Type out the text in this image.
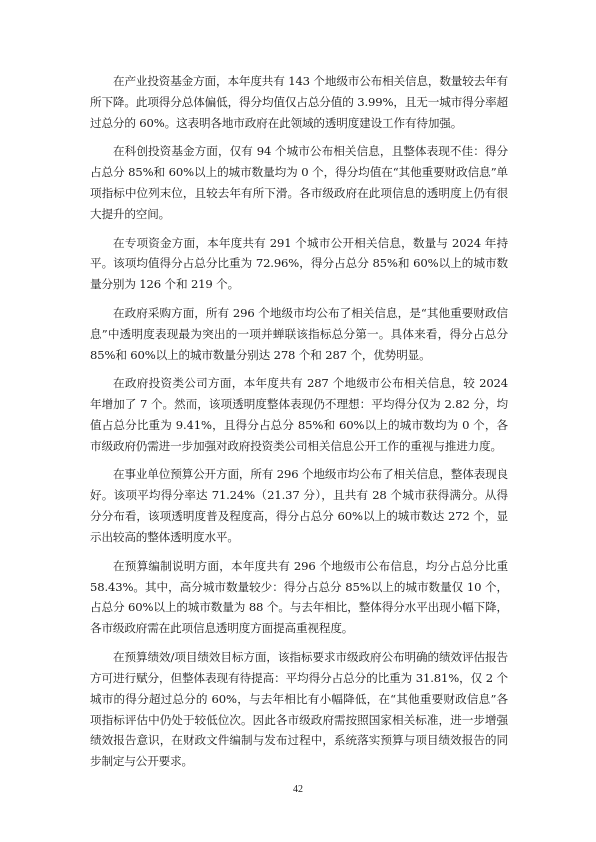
在产业投资基金方面，本年度共有 143 个地级市公布相关信息，数量较去年有所下降。此项得分总体偏低，得分均值仅占总分值的 3.99%，且无一城市得分率超过总分的 60%。这表明各地市政府在此领域的透明度建设工作有待加强。

在科创投资基金方面，仅有 94 个城市公布相关信息，且整体表现不佳：得分占总分 85%和 60%以上的城市数量均为 0 个，得分均值在“其他重要财政信息”单项指标中位列末位，且较去年有所下滑。各市级政府在此项信息的透明度上仍有很大提升的空间。

在专项资金方面，本年度共有 291 个城市公开相关信息，数量与 2024 年持平。该项均值得分占总分比重为 72.96%，得分占总分 85%和 60%以上的城市数量分别为 126 个和 219 个。

在政府采购方面，所有 296 个地级市均公布了相关信息，是“其他重要财政信息”中透明度表现最为突出的一项并蝉联该指标总分第一。具体来看，得分占总分 85%和 60%以上的城市数量分别达 278 个和 287 个，优势明显。

在政府投资类公司方面，本年度共有 287 个地级市公布相关信息，较 2024 年增加了 7 个。然而，该项透明度整体表现仍不理想：平均得分仅为 2.82 分，均值占总分比重为 9.41%，且得分占总分 85%和 60%以上的城市数均为 0 个，各市级政府仍需进一步加强对政府投资类公司相关信息公开工作的重视与推进力度。

在事业单位预算公开方面，所有 296 个地级市均公布了相关信息，整体表现良好。该项平均得分率达 71.24%（21.37 分），且共有 28 个城市获得满分。从得分分布看，该项透明度普及程度高，得分占总分 60%以上的城市数达 272 个，显示出较高的整体透明度水平。

在预算编制说明方面，本年度共有 296 个地级市公布信息，均分占总分比重 58.43%。其中，高分城市数量较少：得分占总分 85%以上的城市数量仅 10 个，占总分 60%以上的城市数量为 88 个。与去年相比，整体得分水平出现小幅下降，各市级政府需在此项信息透明度方面提高重视程度。

在预算绩效/项目绩效目标方面，该指标要求市级政府公布明确的绩效评估报告方可进行赋分，但整体表现有待提高：平均得分占总分的比重为 31.81%，仅 2 个城市的得分超过总分的 60%，与去年相比有小幅降低，在“其他重要财政信息”各项指标评估中仍处于较低位次。因此各市级政府需按照国家相关标准，进一步增强绩效报告意识，在财政文件编制与发布过程中，系统落实预算与项目绩效报告的同步制定与公开要求。

42
